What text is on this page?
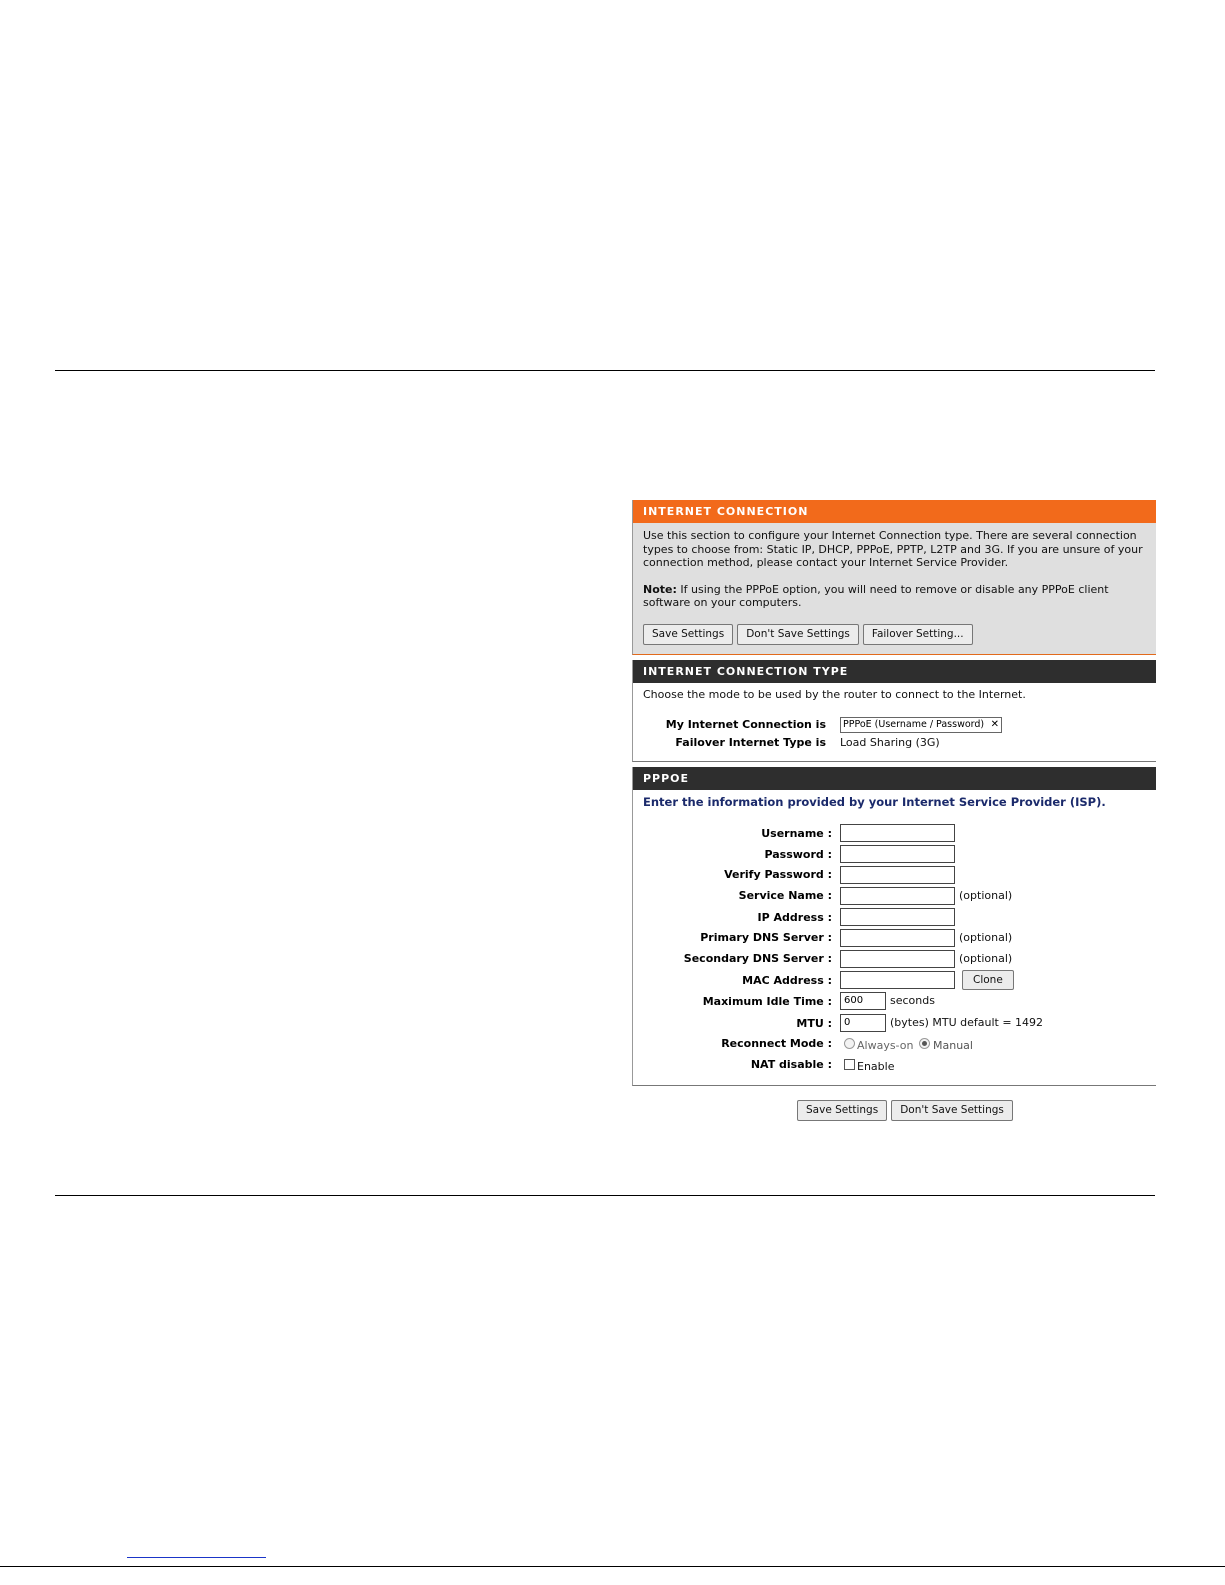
INTERNET CONNECTION
Use this section to configure your Internet Connection type. There are several connection types to choose from: Static IP, DHCP, PPPoE, PPTP, L2TP and 3G. If you are unsure of your connection method, please contact your Internet Service Provider.
Note: If using the PPPoE option, you will need to remove or disable any PPPoE client software on your computers.
Save Settings	Don't Save Settings	Failover Setting...
INTERNET CONNECTION TYPE
Choose the mode to be used by the router to connect to the Internet.
My Internet Connection is	PPPoE (Username / Password) ✕
Failover Internet Type is Load Sharing (3G)
PPPOE
Enter the information provided by your Internet Service Provider (ISP).
Username :
Password :
Verify Password :
Service Name :	(optional)
IP Address :
Primary DNS Server :	(optional)
Secondary DNS Server :	(optional)
MAC Address :	Clone
Maximum Idle Time :	600	seconds
MTU :	0	(bytes) MTU default = 1492
Reconnect Mode : Always-on Manual
NAT disable : Enable
Save Settings	Don't Save Settings
